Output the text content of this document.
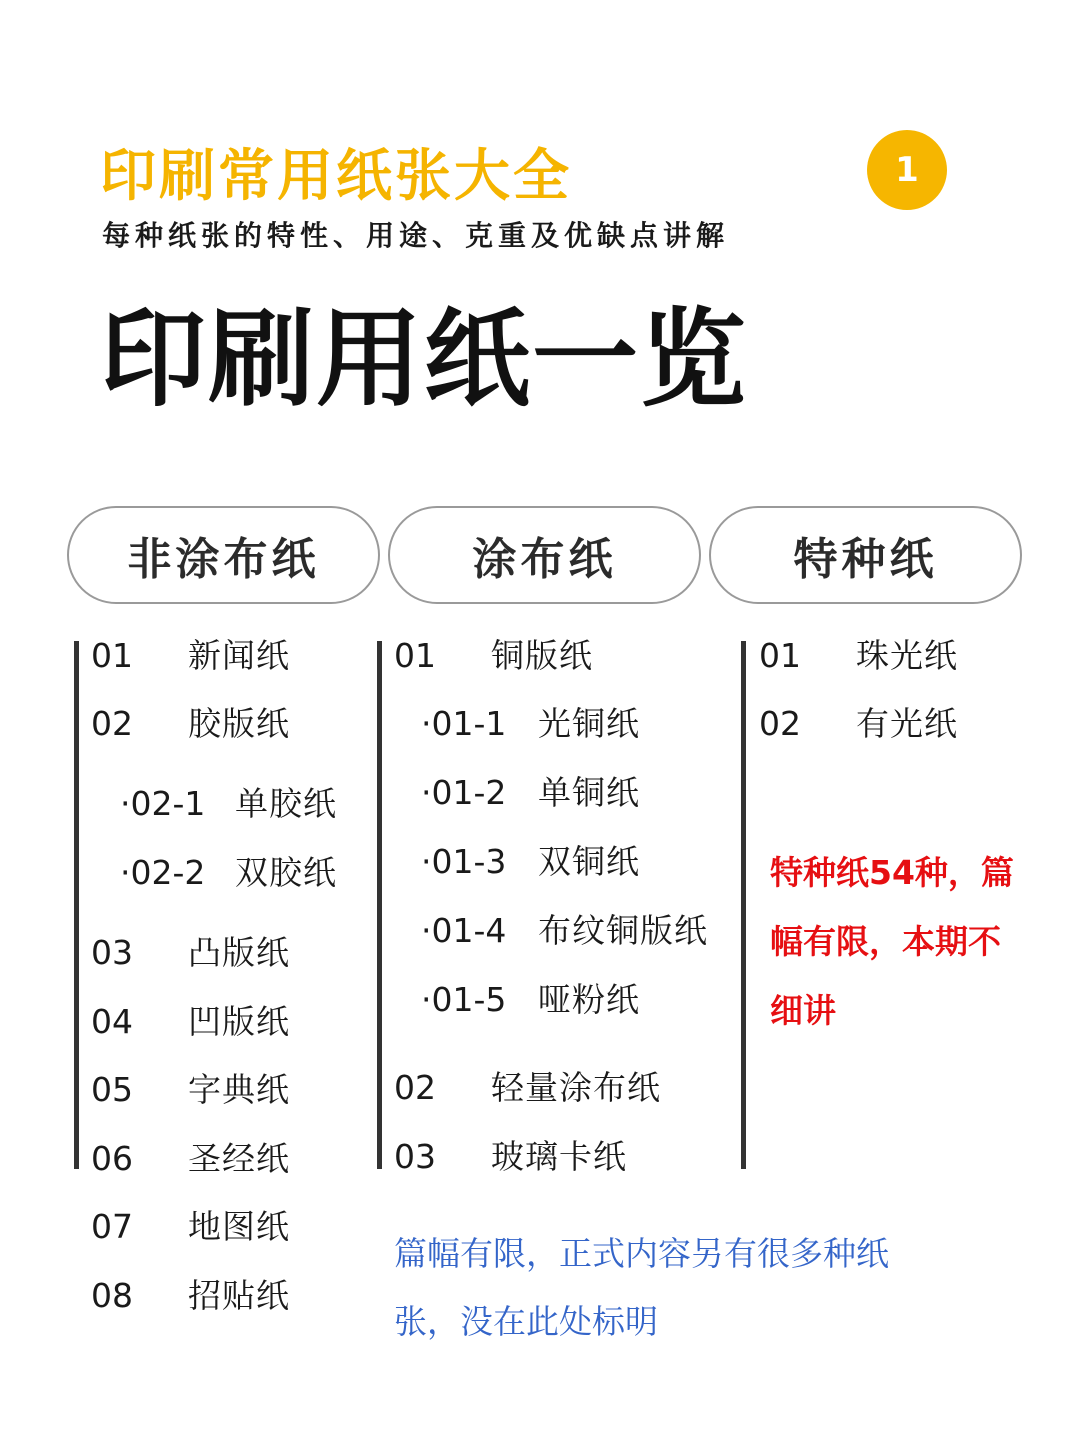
印刷常用纸张大全
每种纸张的特性、用途、克重及优缺点讲解
1
印刷用纸一览
非涂布纸	涂布纸	特种纸
01 新闻纸
02 胶版纸
·02-1 单胶纸
·02-2 双胶纸
03 凸版纸
04 凹版纸
05 字典纸
06 圣经纸
07 地图纸
08 招贴纸
01 铜版纸
·01-1 光铜纸
·01-2 单铜纸
·01-3 双铜纸
·01-4 布纹铜版纸
·01-5 哑粉纸
02 轻量涂布纸
03 玻璃卡纸
01 珠光纸
02 有光纸
特种纸54种，篇幅有限，本期不细讲
篇幅有限，正式内容另有很多种纸张，没在此处标明
